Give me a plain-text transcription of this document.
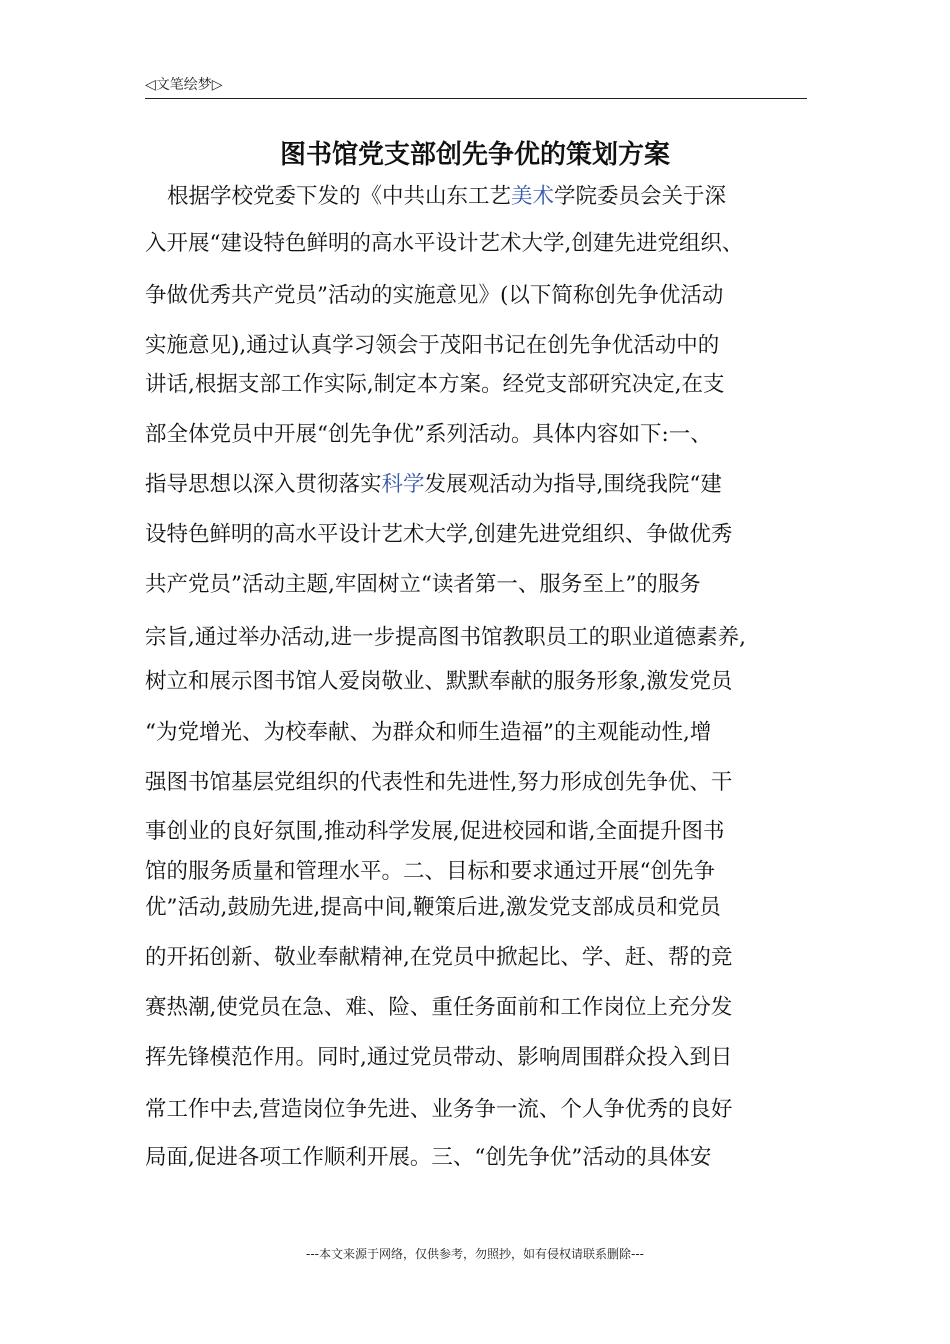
◁文笔绘梦▷
图书馆党支部创先争优的策划方案
根据学校党委下发的《中共山东工艺美术学院委员会关于深
入开展“建设特色鲜明的高水平设计艺术大学,创建先进党组织、
争做优秀共产党员”活动的实施意见》(以下简称创先争优活动
实施意见),通过认真学习领会于茂阳书记在创先争优活动中的
讲话,根据支部工作实际,制定本方案。经党支部研究决定,在支
部全体党员中开展“创先争优”系列活动。具体内容如下:一、
指导思想以深入贯彻落实科学发展观活动为指导,围绕我院“建
设特色鲜明的高水平设计艺术大学,创建先进党组织、争做优秀
共产党员”活动主题,牢固树立“读者第一、服务至上”的服务
宗旨,通过举办活动,进一步提高图书馆教职员工的职业道德素养,
树立和展示图书馆人爱岗敬业、默默奉献的服务形象,激发党员
“为党增光、为校奉献、为群众和师生造福”的主观能动性,增
强图书馆基层党组织的代表性和先进性,努力形成创先争优、干
事创业的良好氛围,推动科学发展,促进校园和谐,全面提升图书
馆的服务质量和管理水平。二、目标和要求通过开展“创先争
优”活动,鼓励先进,提高中间,鞭策后进,激发党支部成员和党员
的开拓创新、敬业奉献精神,在党员中掀起比、学、赶、帮的竞
赛热潮,使党员在急、难、险、重任务面前和工作岗位上充分发
挥先锋模范作用。同时,通过党员带动、影响周围群众投入到日
常工作中去,营造岗位争先进、业务争一流、个人争优秀的良好
局面,促进各项工作顺利开展。三、“创先争优”活动的具体安
---本文来源于网络，仅供参考，勿照抄，如有侵权请联系删除---
